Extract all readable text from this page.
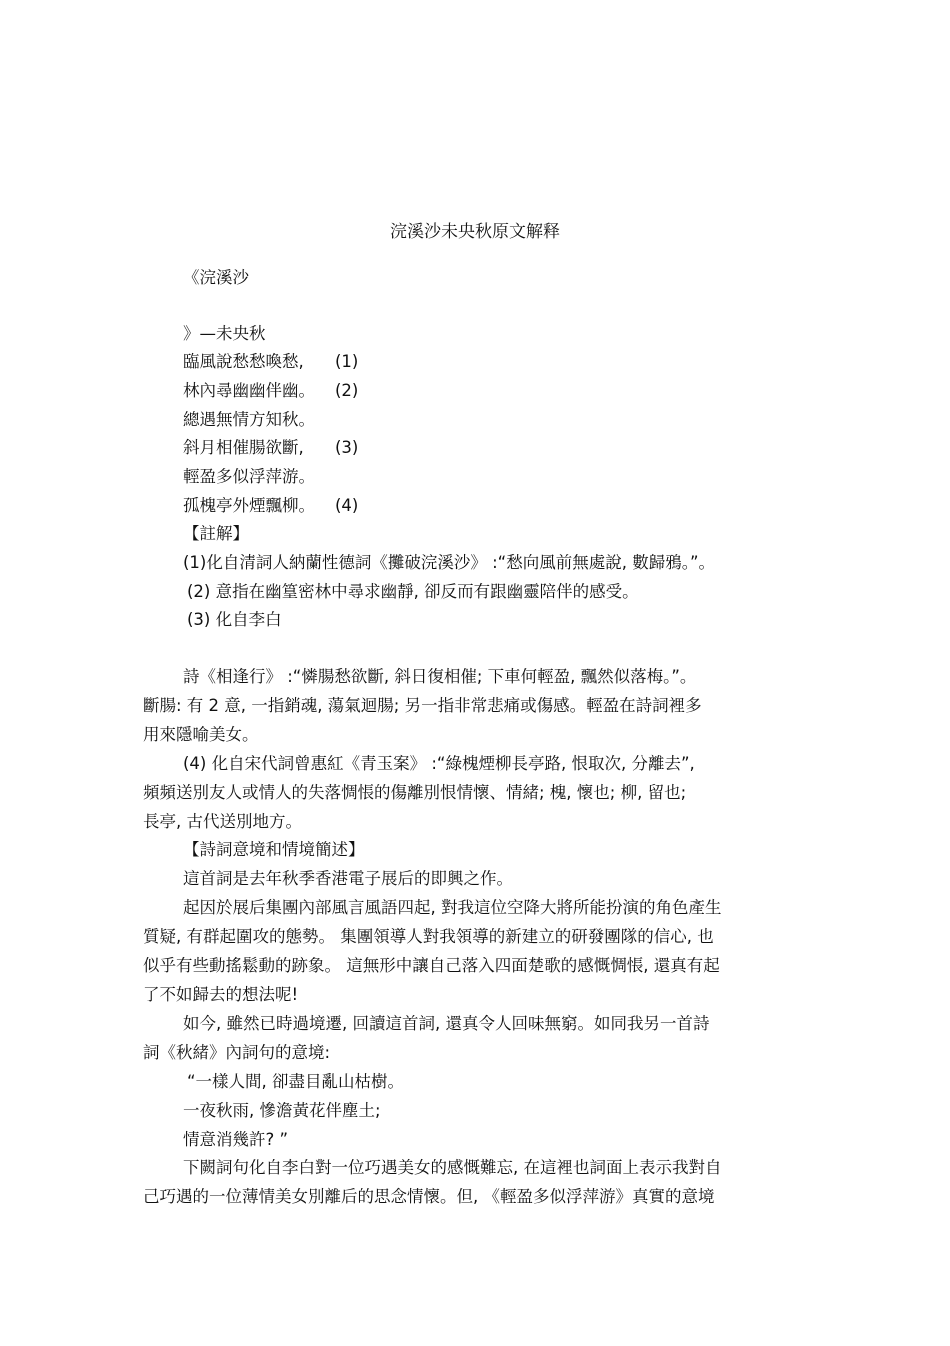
浣溪沙未央秋原文解释
《浣溪沙
》—未央秋
臨風說愁愁喚愁, (1)
林內尋幽幽伴幽。 (2)
總遇無情方知秋。
斜月相催腸欲斷, (3)
輕盈多似浮萍游。
孤槐亭外煙飄柳。 (4)
【註解】
(1)化自清詞人納蘭性德詞《攤破浣溪沙》 :“愁向風前無處說, 數歸鴉。”。
(2) 意指在幽篁密林中尋求幽靜, 卻反而有跟幽靈陪伴的感受。
(3) 化自李白
詩《相逢行》 :“憐腸愁欲斷, 斜日復相催; 下車何輕盈, 飄然似落梅。”。
斷腸: 有 2 意, 一指銷魂, 蕩氣迴腸; 另一指非常悲痛或傷感。輕盈在詩詞裡多
用來隱喻美女。
(4) 化自宋代詞曾惠紅《青玉案》 :“綠槐煙柳長亭路, 恨取次, 分離去”,
頻頻送別友人或情人的失落惆悵的傷離別恨情懷、情緒; 槐, 懷也; 柳, 留也;
長亭, 古代送別地方。
【詩詞意境和情境簡述】
這首詞是去年秋季香港電子展后的即興之作。
起因於展后集團內部風言風語四起, 對我這位空降大將所能扮演的角色產生
質疑, 有群起圍攻的態勢。 集團領導人對我領導的新建立的研發團隊的信心, 也
似乎有些動搖鬆動的跡象。 這無形中讓自己落入四面楚歌的感慨惆悵, 還真有起
了不如歸去的想法呢!
如今, 雖然已時過境遷, 回讀這首詞, 還真令人回味無窮。如同我另一首詩
詞《秋緒》內詞句的意境:
“一樣人間, 卻盡目亂山枯樹。
一夜秋雨, 慘澹黃花伴塵土;
情意消幾許? ”
下闕詞句化自李白對一位巧遇美女的感慨難忘, 在這裡也詞面上表示我對自
己巧遇的一位薄情美女別離后的思念情懷。但, 《輕盈多似浮萍游》真實的意境
